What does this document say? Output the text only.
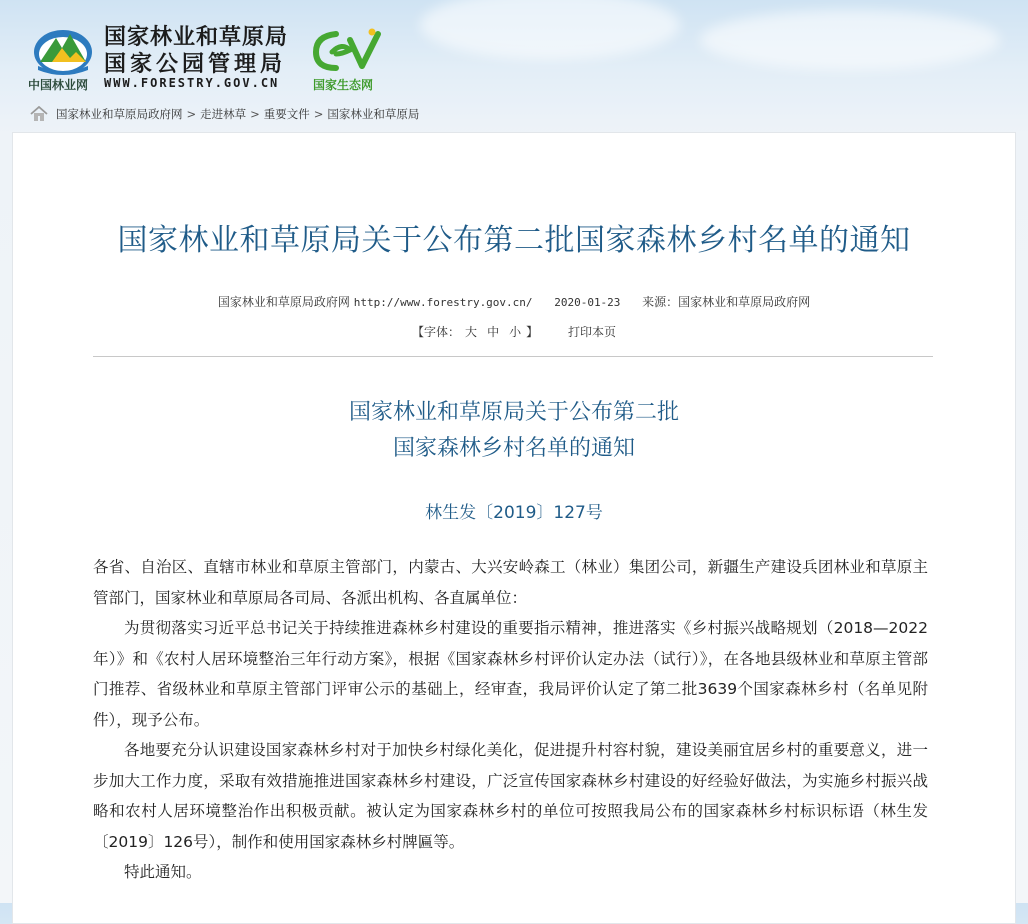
中国林业网
国家林业和草原局
国家公园管理局
WWW.FORESTRY.GOV.CN	国家生态网
国家林业和草原局政府网 > 走进林草 > 重要文件 > 国家林业和草原局
国家林业和草原局关于公布第二批国家森林乡村名单的通知
国家林业和草原局政府网 http://www.forestry.gov.cn/ 2020-01-23 来源：国家林业和草原局政府网
【字体： 大 中 小 】 打印本页
国家林业和草原局关于公布第二批
国家森林乡村名单的通知
林生发〔2019〕127号

各省、自治区、直辖市林业和草原主管部门，内蒙古、大兴安岭森工（林业）集团公司，新疆生产建设兵团林业和草原主管部门，国家林业和草原局各司局、各派出机构、各直属单位：

为贯彻落实习近平总书记关于持续推进森林乡村建设的重要指示精神，推进落实《乡村振兴战略规划（2018—2022年）》和《农村人居环境整治三年行动方案》，根据《国家森林乡村评价认定办法（试行）》，在各地县级林业和草原主管部门推荐、省级林业和草原主管部门评审公示的基础上，经审查，我局评价认定了第二批3639个国家森林乡村（名单见附件），现予公布。

各地要充分认识建设国家森林乡村对于加快乡村绿化美化，促进提升村容村貌，建设美丽宜居乡村的重要意义，进一步加大工作力度，采取有效措施推进国家森林乡村建设，广泛宣传国家森林乡村建设的好经验好做法，为实施乡村振兴战略和农村人居环境整治作出积极贡献。被认定为国家森林乡村的单位可按照我局公布的国家森林乡村标识标语（林生发〔2019〕126号），制作和使用国家森林乡村牌匾等。

特此通知。
